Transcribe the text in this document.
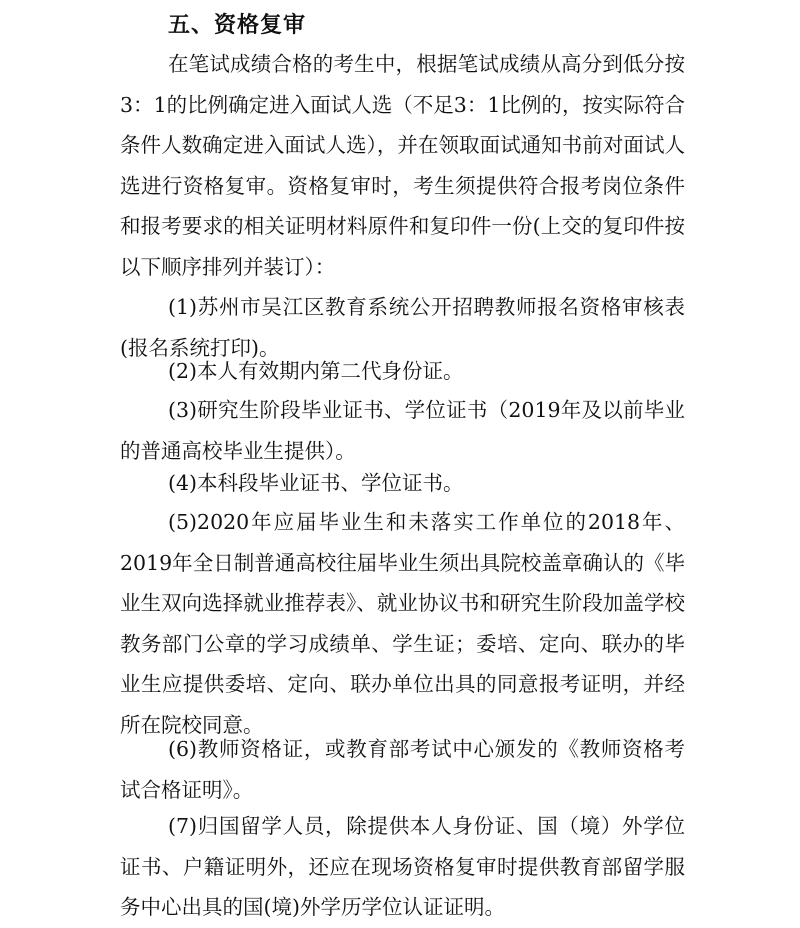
五、资格复审

在笔试成绩合格的考生中，根据笔试成绩从高分到低分按3：1的比例确定进入面试人选（不足3：1比例的，按实际符合条件人数确定进入面试人选），并在领取面试通知书前对面试人选进行资格复审。资格复审时，考生须提供符合报考岗位条件和报考要求的相关证明材料原件和复印件一份(上交的复印件按以下顺序排列并装订）：

(1)苏州市吴江区教育系统公开招聘教师报名资格审核表(报名系统打印)。

(2)本人有效期内第二代身份证。

(3)研究生阶段毕业证书、学位证书（2019年及以前毕业的普通高校毕业生提供）。

(4)本科段毕业证书、学位证书。

(5)2020年应届毕业生和未落实工作单位的2018年、2019年全日制普通高校往届毕业生须出具院校盖章确认的《毕业生双向选择就业推荐表》、就业协议书和研究生阶段加盖学校教务部门公章的学习成绩单、学生证；委培、定向、联办的毕业生应提供委培、定向、联办单位出具的同意报考证明，并经所在院校同意。

(6)教师资格证，或教育部考试中心颁发的《教师资格考试合格证明》。

(7)归国留学人员，除提供本人身份证、国（境）外学位证书、户籍证明外，还应在现场资格复审时提供教育部留学服务中心出具的国(境)外学历学位认证证明。
